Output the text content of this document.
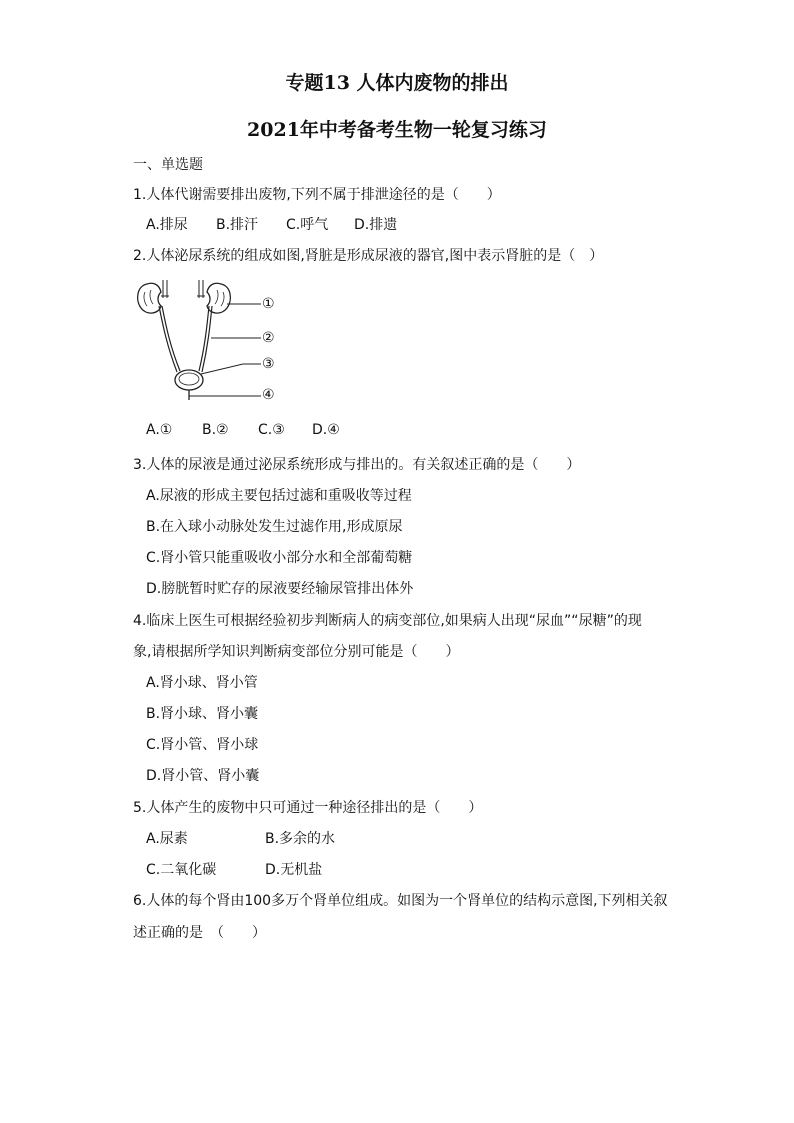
专题13 人体内废物的排出
2021年中考备考生物一轮复习练习
一、单选题
1.人体代谢需要排出废物,下列不属于排泄途径的是（　　）
A.排尿 B.排汗 C.呼气 D.排遗
2.人体泌尿系统的组成如图,肾脏是形成尿液的器官,图中表示肾脏的是（　）
①
②
③
④
A.① B.② C.③ D.④
3.人体的尿液是通过泌尿系统形成与排出的。有关叙述正确的是（　　）
A.尿液的形成主要包括过滤和重吸收等过程
B.在入球小动脉处发生过滤作用,形成原尿
C.肾小管只能重吸收小部分水和全部葡萄糖
D.膀胱暂时贮存的尿液要经输尿管排出体外
4.临床上医生可根据经验初步判断病人的病变部位,如果病人出现“尿血”“尿糖”的现
象,请根据所学知识判断病变部位分别可能是（　　）
A.肾小球、肾小管
B.肾小球、肾小囊
C.肾小管、肾小球
D.肾小管、肾小囊
5.人体产生的废物中只可通过一种途径排出的是（　　）
A.尿素	B.多余的水
C.二氧化碳	D.无机盐
6.人体的每个肾由100多万个肾单位组成。如图为一个肾单位的结构示意图,下列相关叙
述正确的是　（　　）
